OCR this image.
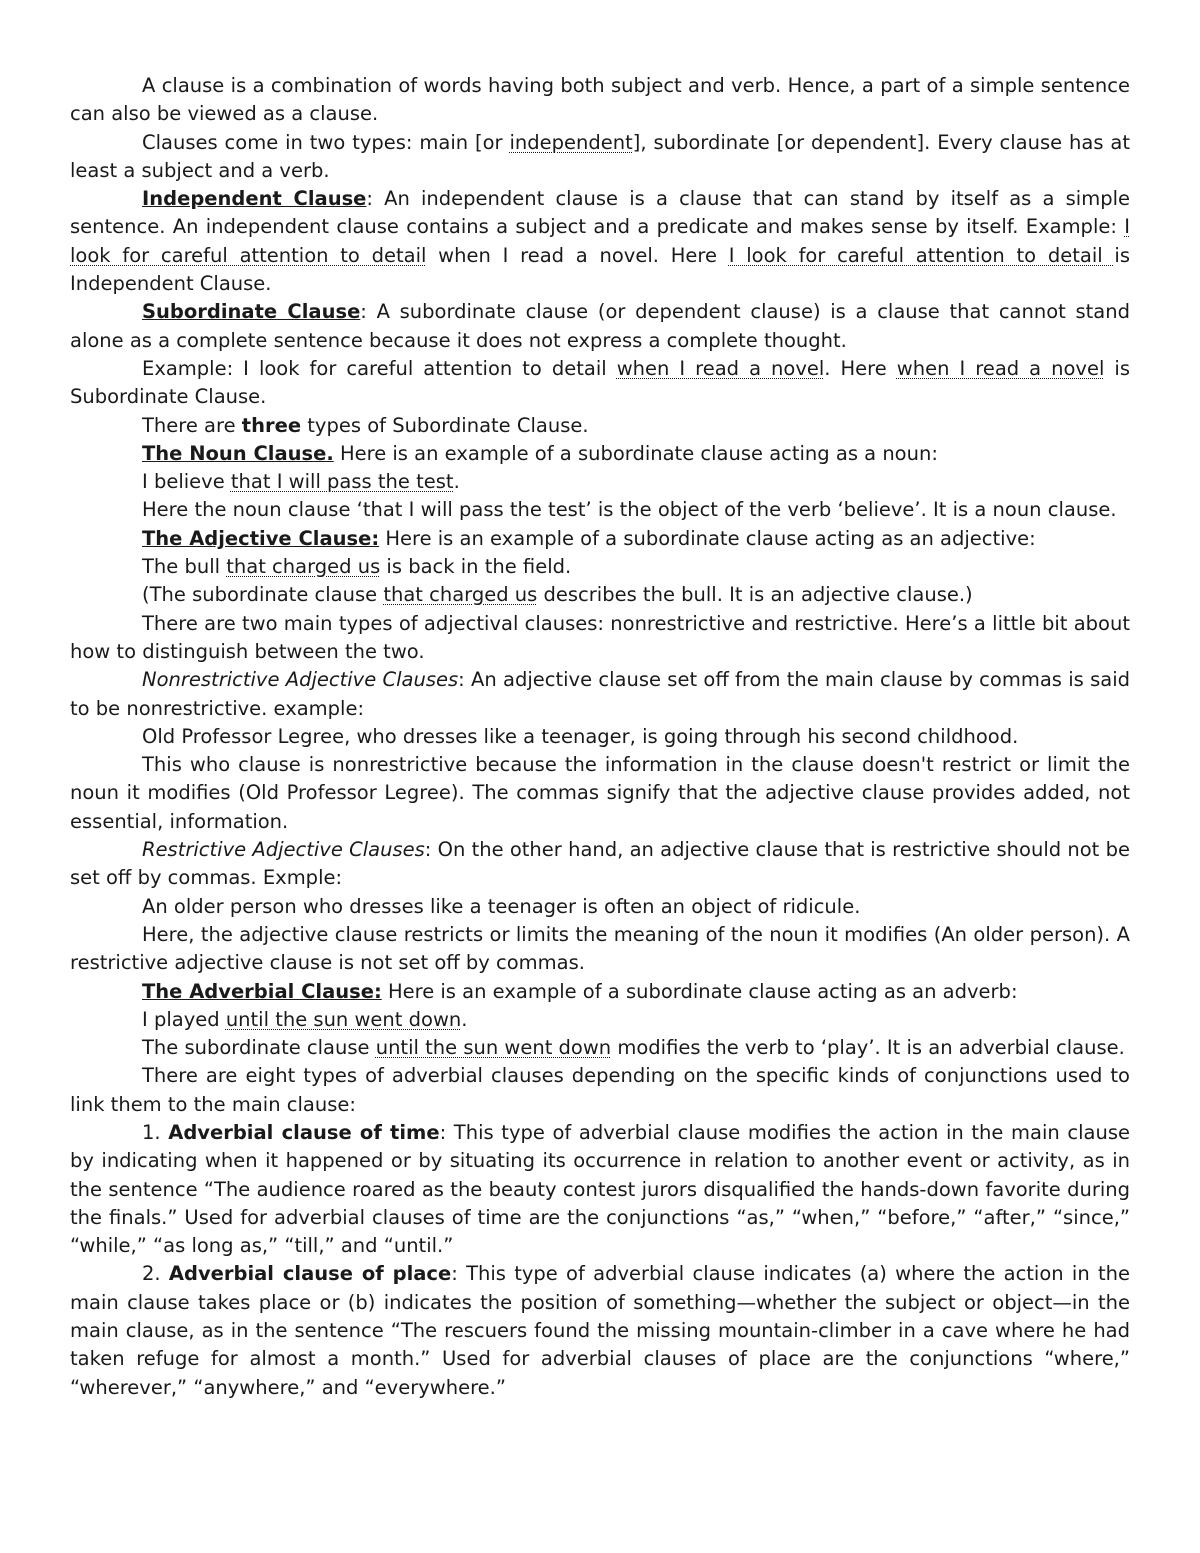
A clause is a combination of words having both subject and verb. Hence, a part of a simple sentence can also be viewed as a clause.

Clauses come in two types: main [or independent], subordinate [or dependent]. Every clause has at least a subject and a verb.

Independent Clause: An independent clause is a clause that can stand by itself as a simple sentence. An independent clause contains a subject and a predicate and makes sense by itself. Example: I look for careful attention to detail when I read a novel. Here I look for careful attention to detail is Independent Clause.

Subordinate Clause: A subordinate clause (or dependent clause) is a clause that cannot stand alone as a complete sentence because it does not express a complete thought.

Example: I look for careful attention to detail when I read a novel. Here when I read a novel is Subordinate Clause.

There are three types of Subordinate Clause.

The Noun Clause. Here is an example of a subordinate clause acting as a noun:

I believe that I will pass the test.

Here the noun clause ‘that I will pass the test’ is the object of the verb ‘believe’. It is a noun clause.

The Adjective Clause: Here is an example of a subordinate clause acting as an adjective:

The bull that charged us is back in the field.

(The subordinate clause that charged us describes the bull. It is an adjective clause.)

There are two main types of adjectival clauses: nonrestrictive and restrictive. Here’s a little bit about how to distinguish between the two.

Nonrestrictive Adjective Clauses: An adjective clause set off from the main clause by commas is said to be nonrestrictive. example:

Old Professor Legree, who dresses like a teenager, is going through his second childhood.

This who clause is nonrestrictive because the information in the clause doesn't restrict or limit the noun it modifies (Old Professor Legree). The commas signify that the adjective clause provides added, not essential, information.

Restrictive Adjective Clauses: On the other hand, an adjective clause that is restrictive should not be set off by commas. Exmple:

An older person who dresses like a teenager is often an object of ridicule.

Here, the adjective clause restricts or limits the meaning of the noun it modifies (An older person). A restrictive adjective clause is not set off by commas.

The Adverbial Clause: Here is an example of a subordinate clause acting as an adverb:

I played until the sun went down.

The subordinate clause until the sun went down modifies the verb to ‘play’. It is an adverbial clause.

There are eight types of adverbial clauses depending on the specific kinds of conjunctions used to link them to the main clause:

1. Adverbial clause of time: This type of adverbial clause modifies the action in the main clause by indicating when it happened or by situating its occurrence in relation to another event or activity, as in the sentence “The audience roared as the beauty contest jurors disqualified the hands-down favorite during the finals.” Used for adverbial clauses of time are the conjunctions “as,” “when,” “before,” “after,” “since,” “while,” “as long as,” “till,” and “until.”

2. Adverbial clause of place: This type of adverbial clause indicates (a) where the action in the main clause takes place or (b) indicates the position of something—whether the subject or object—in the main clause, as in the sentence “The rescuers found the missing mountain-climber in a cave where he had taken refuge for almost a month.” Used for adverbial clauses of place are the conjunctions “where,” “wherever,” “anywhere,” and “everywhere.”
